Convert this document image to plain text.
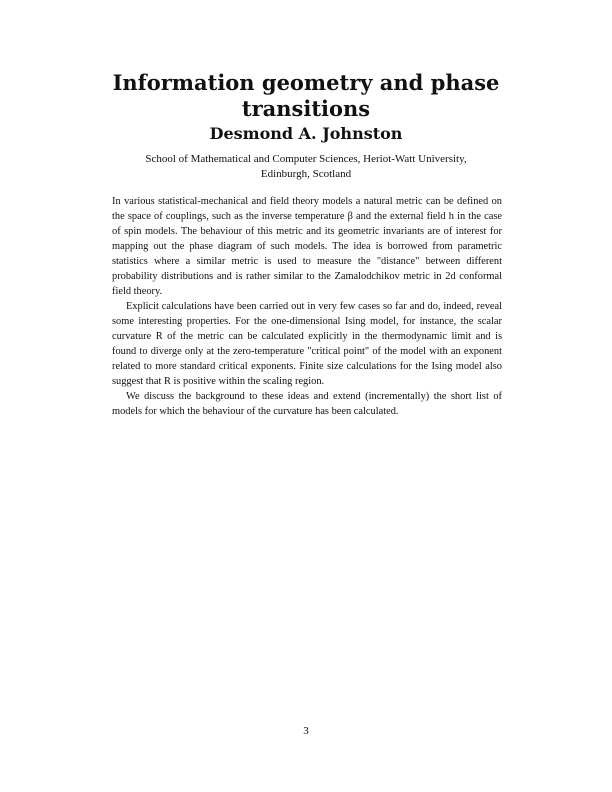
Information geometry and phase transitions
Desmond A. Johnston
School of Mathematical and Computer Sciences, Heriot-Watt University,
Edinburgh, Scotland

In various statistical-mechanical and field theory models a natural metric can be defined on the space of couplings, such as the inverse temperature β and the external field h in the case of spin models. The behaviour of this metric and its geometric invariants are of interest for mapping out the phase diagram of such models. The idea is borrowed from parametric statistics where a similar metric is used to measure the "distance" between different probability distributions and is rather similar to the Zamalodchikov metric in 2d conformal field theory.

Explicit calculations have been carried out in very few cases so far and do, indeed, reveal some interesting properties. For the one-dimensional Ising model, for instance, the scalar curvature R of the metric can be calculated explicitly in the thermodynamic limit and is found to diverge only at the zero-temperature "critical point" of the model with an exponent related to more standard critical exponents. Finite size calculations for the Ising model also suggest that R is positive within the scaling region.

We discuss the background to these ideas and extend (incrementally) the short list of models for which the behaviour of the curvature has been calculated.

3
